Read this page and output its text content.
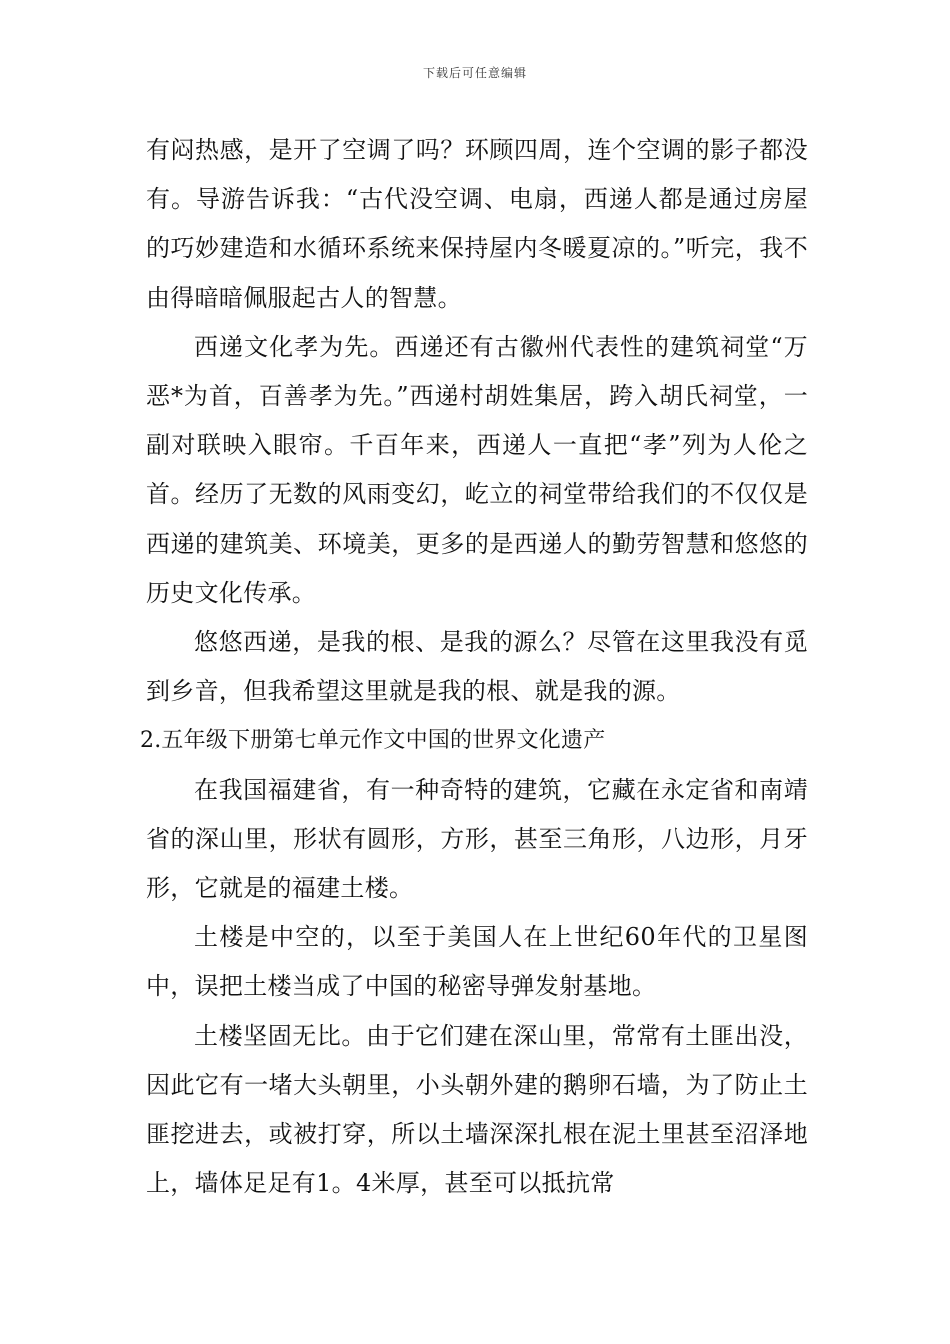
下载后可任意编辑

有闷热感，是开了空调了吗？环顾四周，连个空调的影子都没有。导游告诉我：“古代没空调、电扇，西递人都是通过房屋的巧妙建造和水循环系统来保持屋内冬暖夏凉的。”听完，我不由得暗暗佩服起古人的智慧。

西递文化孝为先。西递还有古徽州代表性的建筑祠堂“万恶*为首，百善孝为先。”西递村胡姓集居，跨入胡氏祠堂，一副对联映入眼帘。千百年来，西递人一直把“孝”列为人伦之首。经历了无数的风雨变幻，屹立的祠堂带给我们的不仅仅是西递的建筑美、环境美，更多的是西递人的勤劳智慧和悠悠的历史文化传承。

悠悠西递，是我的根、是我的源么？尽管在这里我没有觅到乡音，但我希望这里就是我的根、就是我的源。

2.五年级下册第七单元作文中国的世界文化遗产

在我国福建省，有一种奇特的建筑，它藏在永定省和南靖省的深山里，形状有圆形，方形，甚至三角形，八边形，月牙形，它就是的福建土楼。

土楼是中空的，以至于美国人在上世纪60年代的卫星图中，误把土楼当成了中国的秘密导弹发射基地。

土楼坚固无比。由于它们建在深山里，常常有土匪出没，因此它有一堵大头朝里，小头朝外建的鹅卵石墙，为了防止土匪挖进去，或被打穿，所以土墙深深扎根在泥土里甚至沼泽地上，墙体足足有1。4米厚，甚至可以抵抗常
